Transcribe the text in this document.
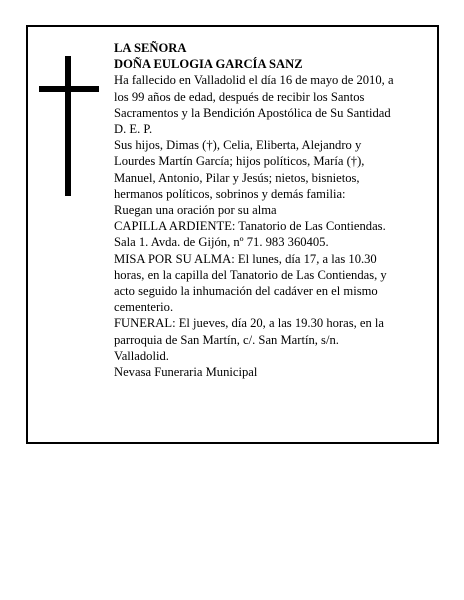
LA SEÑORA
DOÑA EULOGIA GARCÍA SANZ
Ha fallecido en Valladolid el día 16 de mayo de 2010, a
los 99 años de edad, después de recibir los Santos
Sacramentos y la Bendición Apostólica de Su Santidad
D. E. P.
Sus hijos, Dimas (†), Celia, Eliberta, Alejandro y
Lourdes Martín García; hijos políticos, María (†),
Manuel, Antonio, Pilar y Jesús; nietos, bisnietos,
hermanos políticos, sobrinos y demás familia:
Ruegan una oración por su alma
CAPILLA ARDIENTE: Tanatorio de Las Contiendas.
Sala 1. Avda. de Gijón, nº 71. 983 360405.
MISA POR SU ALMA: El lunes, día 17, a las 10.30
horas, en la capilla del Tanatorio de Las Contiendas, y
acto seguido la inhumación del cadáver en el mismo
cementerio.
FUNERAL: El jueves, día 20, a las 19.30 horas, en la
parroquia de San Martín, c/. San Martín, s/n.
Valladolid.
Nevasa Funeraria Municipal
